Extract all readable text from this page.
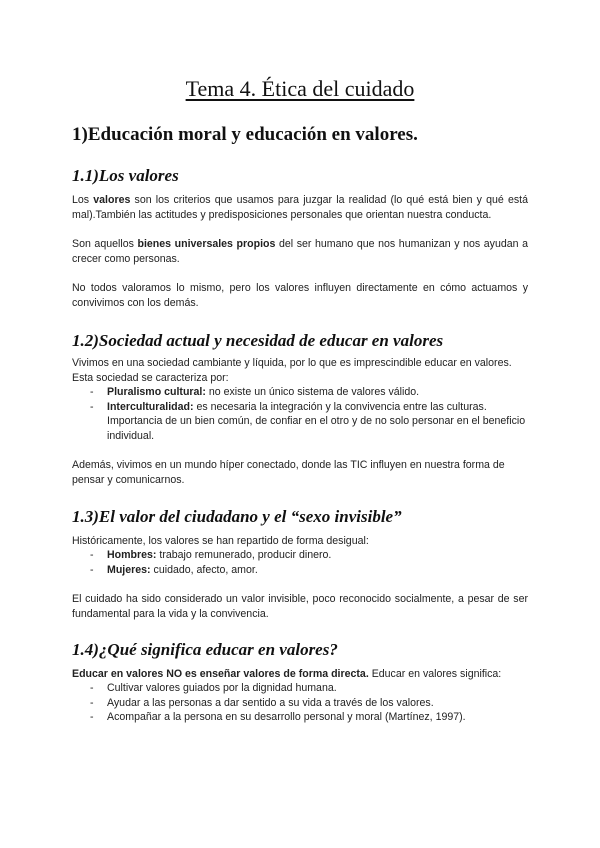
Tema 4. Ética del cuidado
1)Educación moral y educación en valores.
1.1)Los valores

Los valores son los criterios que usamos para juzgar la realidad (lo qué está bien y qué está mal).También las actitudes y predisposiciones personales que orientan nuestra conducta.

Son aquellos bienes universales propios del ser humano que nos humanizan y nos ayudan a crecer como personas.

No todos valoramos lo mismo, pero los valores influyen directamente en cómo actuamos y convivimos con los demás.

1.2)Sociedad actual y necesidad de educar en valores

Vivimos en una sociedad cambiante y líquida, por lo que es imprescindible educar en valores. Esta sociedad se caracteriza por:

- Pluralismo cultural: no existe un único sistema de valores válido.
- Interculturalidad: es necesaria la integración y la convivencia entre las culturas. Importancia de un bien común, de confiar en el otro y de no solo personar en el beneficio individual.

Además, vivimos en un mundo híper conectado, donde las TIC influyen en nuestra forma de pensar y comunicarnos.

1.3)El valor del ciudadano y el “sexo invisible”

Históricamente, los valores se han repartido de forma desigual:

- Hombres: trabajo remunerado, producir dinero.
- Mujeres: cuidado, afecto, amor.

El cuidado ha sido considerado un valor invisible, poco reconocido socialmente, a pesar de ser fundamental para la vida y la convivencia.

1.4)¿Qué significa educar en valores?

Educar en valores NO es enseñar valores de forma directa. Educar en valores significa:

- Cultivar valores guiados por la dignidad humana.
- Ayudar a las personas a dar sentido a su vida a través de los valores.
- Acompañar a la persona en su desarrollo personal y moral (Martínez, 1997).
